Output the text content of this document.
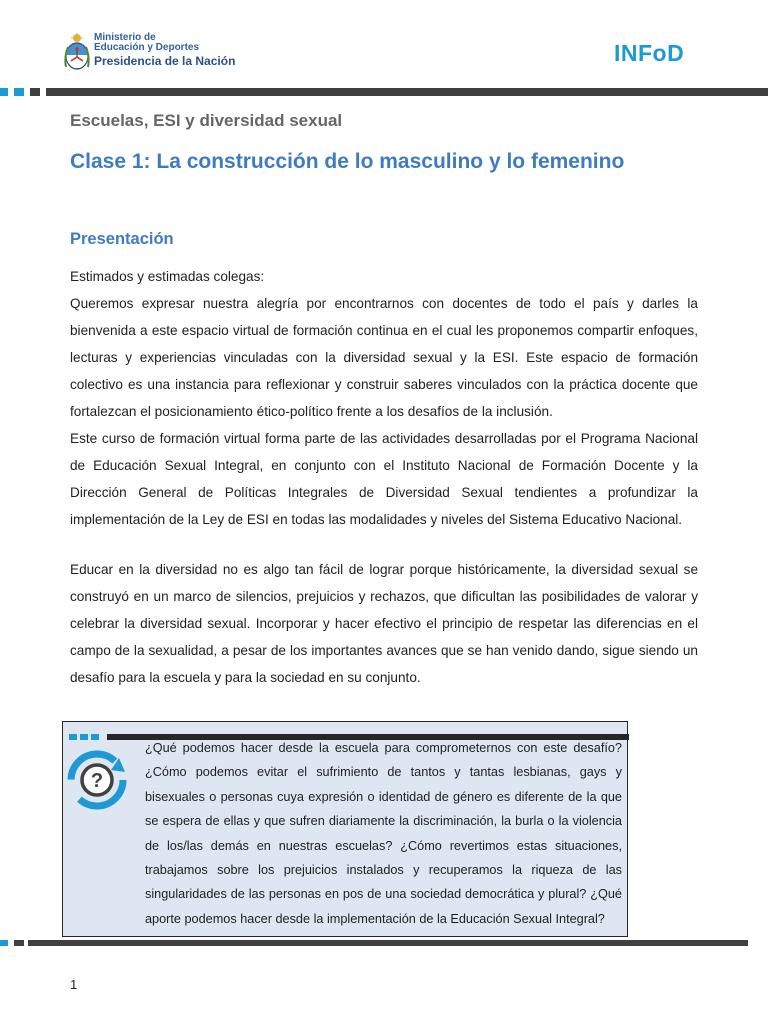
Ministerio de
Educación y Deportes
Presidencia de la Nación	INFoD
Escuelas, ESI y diversidad sexual
Clase 1: La construcción de lo masculino y lo femenino
Presentación

Estimados y estimadas colegas:

Queremos expresar nuestra alegría por encontrarnos con docentes de todo el país y darles la bienvenida a este espacio virtual de formación continua en el cual les proponemos compartir enfoques, lecturas y experiencias vinculadas con la diversidad sexual y la ESI. Este espacio de formación colectivo es una instancia para reflexionar y construir saberes vinculados con la práctica docente que fortalezcan el posicionamiento ético-político frente a los desafíos de la inclusión.

Este curso de formación virtual forma parte de las actividades desarrolladas por el Programa Nacional de Educación Sexual Integral, en conjunto con el Instituto Nacional de Formación Docente y la Dirección General de Políticas Integrales de Diversidad Sexual tendientes a profundizar la implementación de la Ley de ESI en todas las modalidades y niveles del Sistema Educativo Nacional.

Educar en la diversidad no es algo tan fácil de lograr porque históricamente, la diversidad sexual se construyó en un marco de silencios, prejuicios y rechazos, que dificultan las posibilidades de valorar y celebrar la diversidad sexual. Incorporar y hacer efectivo el principio de respetar las diferencias en el campo de la sexualidad, a pesar de los importantes avances que se han venido dando, sigue siendo un desafío para la escuela y para la sociedad en su conjunto.

?

¿Qué podemos hacer desde la escuela para comprometernos con este desafío? ¿Cómo podemos evitar el sufrimiento de tantos y tantas lesbianas, gays y bisexuales o personas cuya expresión o identidad de género es diferente de la que se espera de ellas y que sufren diariamente la discriminación, la burla o la violencia de los/las demás en nuestras escuelas? ¿Cómo revertimos estas situaciones, trabajamos sobre los prejuicios instalados y recuperamos la riqueza de las singularidades de las personas en pos de una sociedad democrática y plural? ¿Qué aporte podemos hacer desde la implementación de la Educación Sexual Integral?

1
